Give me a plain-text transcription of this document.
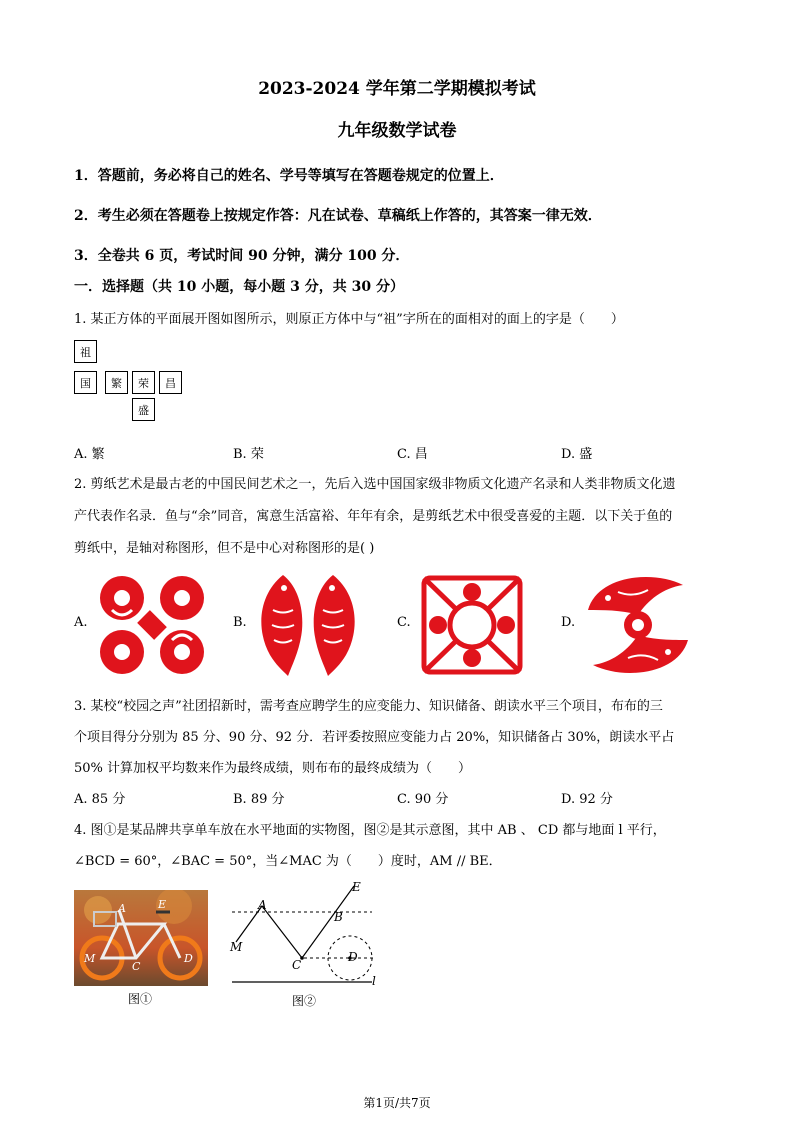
2023-2024 学年第二学期模拟考试
九年级数学试卷
1．答题前，务必将自己的姓名、学号等填写在答题卷规定的位置上．
2．考生必须在答题卷上按规定作答：凡在试卷、草稿纸上作答的，其答案一律无效．
3．全卷共 6 页，考试时间 90 分钟，满分 100 分．
一．选择题（共 10 小题，每小题 3 分，共 30 分）
1. 某正方体的平面展开图如图所示，则原正方体中与“祖”字所在的面相对的面上的字是（　　）
祖
国	繁	荣	昌
盛
A. 繁	B. 荣	C. 昌	D. 盛
2. 剪纸艺术是最古老的中国民间艺术之一，先后入选中国国家级非物质文化遗产名录和人类非物质文化遗
产代表作名录．鱼与“余”同音，寓意生活富裕、年年有余，是剪纸艺术中很受喜爱的主题．以下关于鱼的
剪纸中，是轴对称图形，但不是中心对称图形的是( )
A.	B.	C.	D.
3. 某校“校园之声”社团招新时，需考查应聘学生的应变能力、知识储备、朗读水平三个项目，布布的三
个项目得分分别为 85 分、90 分、92 分．若评委按照应变能力占 20%，知识储备占 30%，朗读水平占
50% 计算加权平均数来作为最终成绩，则布布的最终成绩为（　　）
A. 85 分	B. 89 分	C. 90 分	D. 92 分
4. 图①是某品牌共享单车放在水平地面的实物图，图②是其示意图，其中 AB 、 CD 都与地面 l 平行，
∠BCD = 60°，∠BAC = 50°，当∠MAC 为（　　）度时，AM // BE．
A	E
M
C
D
图①
E
A
B
M
C
D
l
图②
第1页/共7页
